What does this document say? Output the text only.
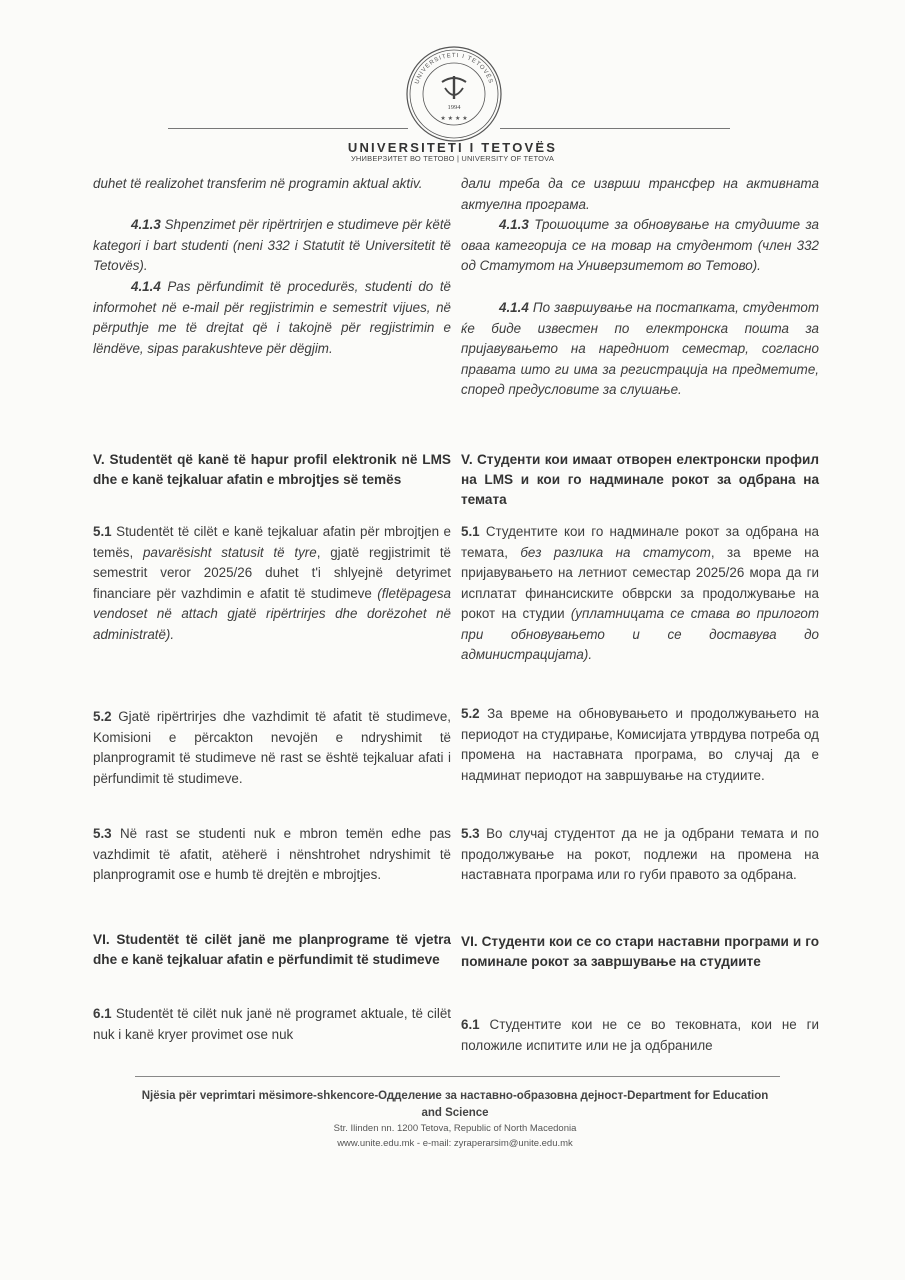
UNIVERSITETI I TETOVËS
1994
★ ★ ★ ★
UNIVERSITETI I TETOVËS
УНИВЕРЗИТЕТ ВО ТЕТОВО | UNIVERSITY OF TETOVA

duhet të realizohet transferim në programin aktual aktiv.

4.1.3 Shpenzimet për ripërtrirjen e studimeve për këtë kategori i bart studenti (neni 332 i Statutit të Universitetit të Tetovës).

4.1.4 Pas përfundimit të procedurës, studenti do të informohet në e-mail për regjistrimin e semestrit vijues, në përputhje me të drejtat që i takojnë për regjistrimin e lëndëve, sipas parakushteve për dëgjim.

V. Studentët që kanë të hapur profil elektronik në LMS dhe e kanë tejkaluar afatin e mbrojtjes së temës

5.1 Studentët të cilët e kanë tejkaluar afatin për mbrojtjen e temës, pavarësisht statusit të tyre, gjatë regjistrimit të semestrit veror 2025/26 duhet t'i shlyejnë detyrimet financiare për vazhdimin e afatit të studimeve (fletëpagesa vendoset në attach gjatë ripërtrirjes dhe dorëzohet në administratë).

5.2 Gjatë ripërtrirjes dhe vazhdimit të afatit të studimeve, Komisioni e përcakton nevojën e ndryshimit të planprogramit të studimeve në rast se është tejkaluar afati i përfundimit të studimeve.

5.3 Në rast se studenti nuk e mbron temën edhe pas vazhdimit të afatit, atëherë i nënshtrohet ndryshimit të planprogramit ose e humb të drejtën e mbrojtjes.

VI. Studentët të cilët janë me planprograme të vjetra dhe e kanë tejkaluar afatin e përfundimit të studimeve

6.1 Studentët të cilët nuk janë në programet aktuale, të cilët nuk i kanë kryer provimet ose nuk

дали треба да се изврши трансфер на активната актуелна програма.

4.1.3 Трошоците за обновување на студиите за оваа категорија се на товар на студентот (член 332 од Статутот на Универзитетот во Тетово).

4.1.4 По завршување на постапката, студентот ќе биде известен по електронска пошта за пријавувањето на наредниот семестар, согласно правата што ги има за регистрација на предметите, според предусловите за слушање.

V. Студенти кои имаат отворен електронски профил на LMS и кои го надминале рокот за одбрана на темата

5.1 Студентите кои го надминале рокот за одбрана на темата, без разлика на статусот, за време на пријавувањето на летниот семестар 2025/26 мора да ги исплатат финансиските обврски за продолжување на рокот на студии (уплатницата се става во прилогот при обновувањето и се доставува до администрацијата).

5.2 За време на обновувањето и продолжувањето на периодот на студирање, Комисијата утврдува потреба од промена на наставната програма, во случај да е надминат периодот на завршување на студиите.

5.3 Во случај студентот да не ја одбрани темата и по продолжување на рокот, подлежи на промена на наставната програма или го губи правото за одбрана.

VI. Студенти кои се со стари наставни програми и го поминале рокот за завршување на студиите

6.1 Студентите кои не се во тековната, кои не ги положиле испитите или не ја одбраниле

Njësia për veprimtari mësimore-shkencore-Одделение за наставно-образовна дејност-Department for Education and Science
Str. Ilinden nn. 1200 Tetova, Republic of North Macedonia
www.unite.edu.mk - e-mail: zyraperarsim@unite.edu.mk
